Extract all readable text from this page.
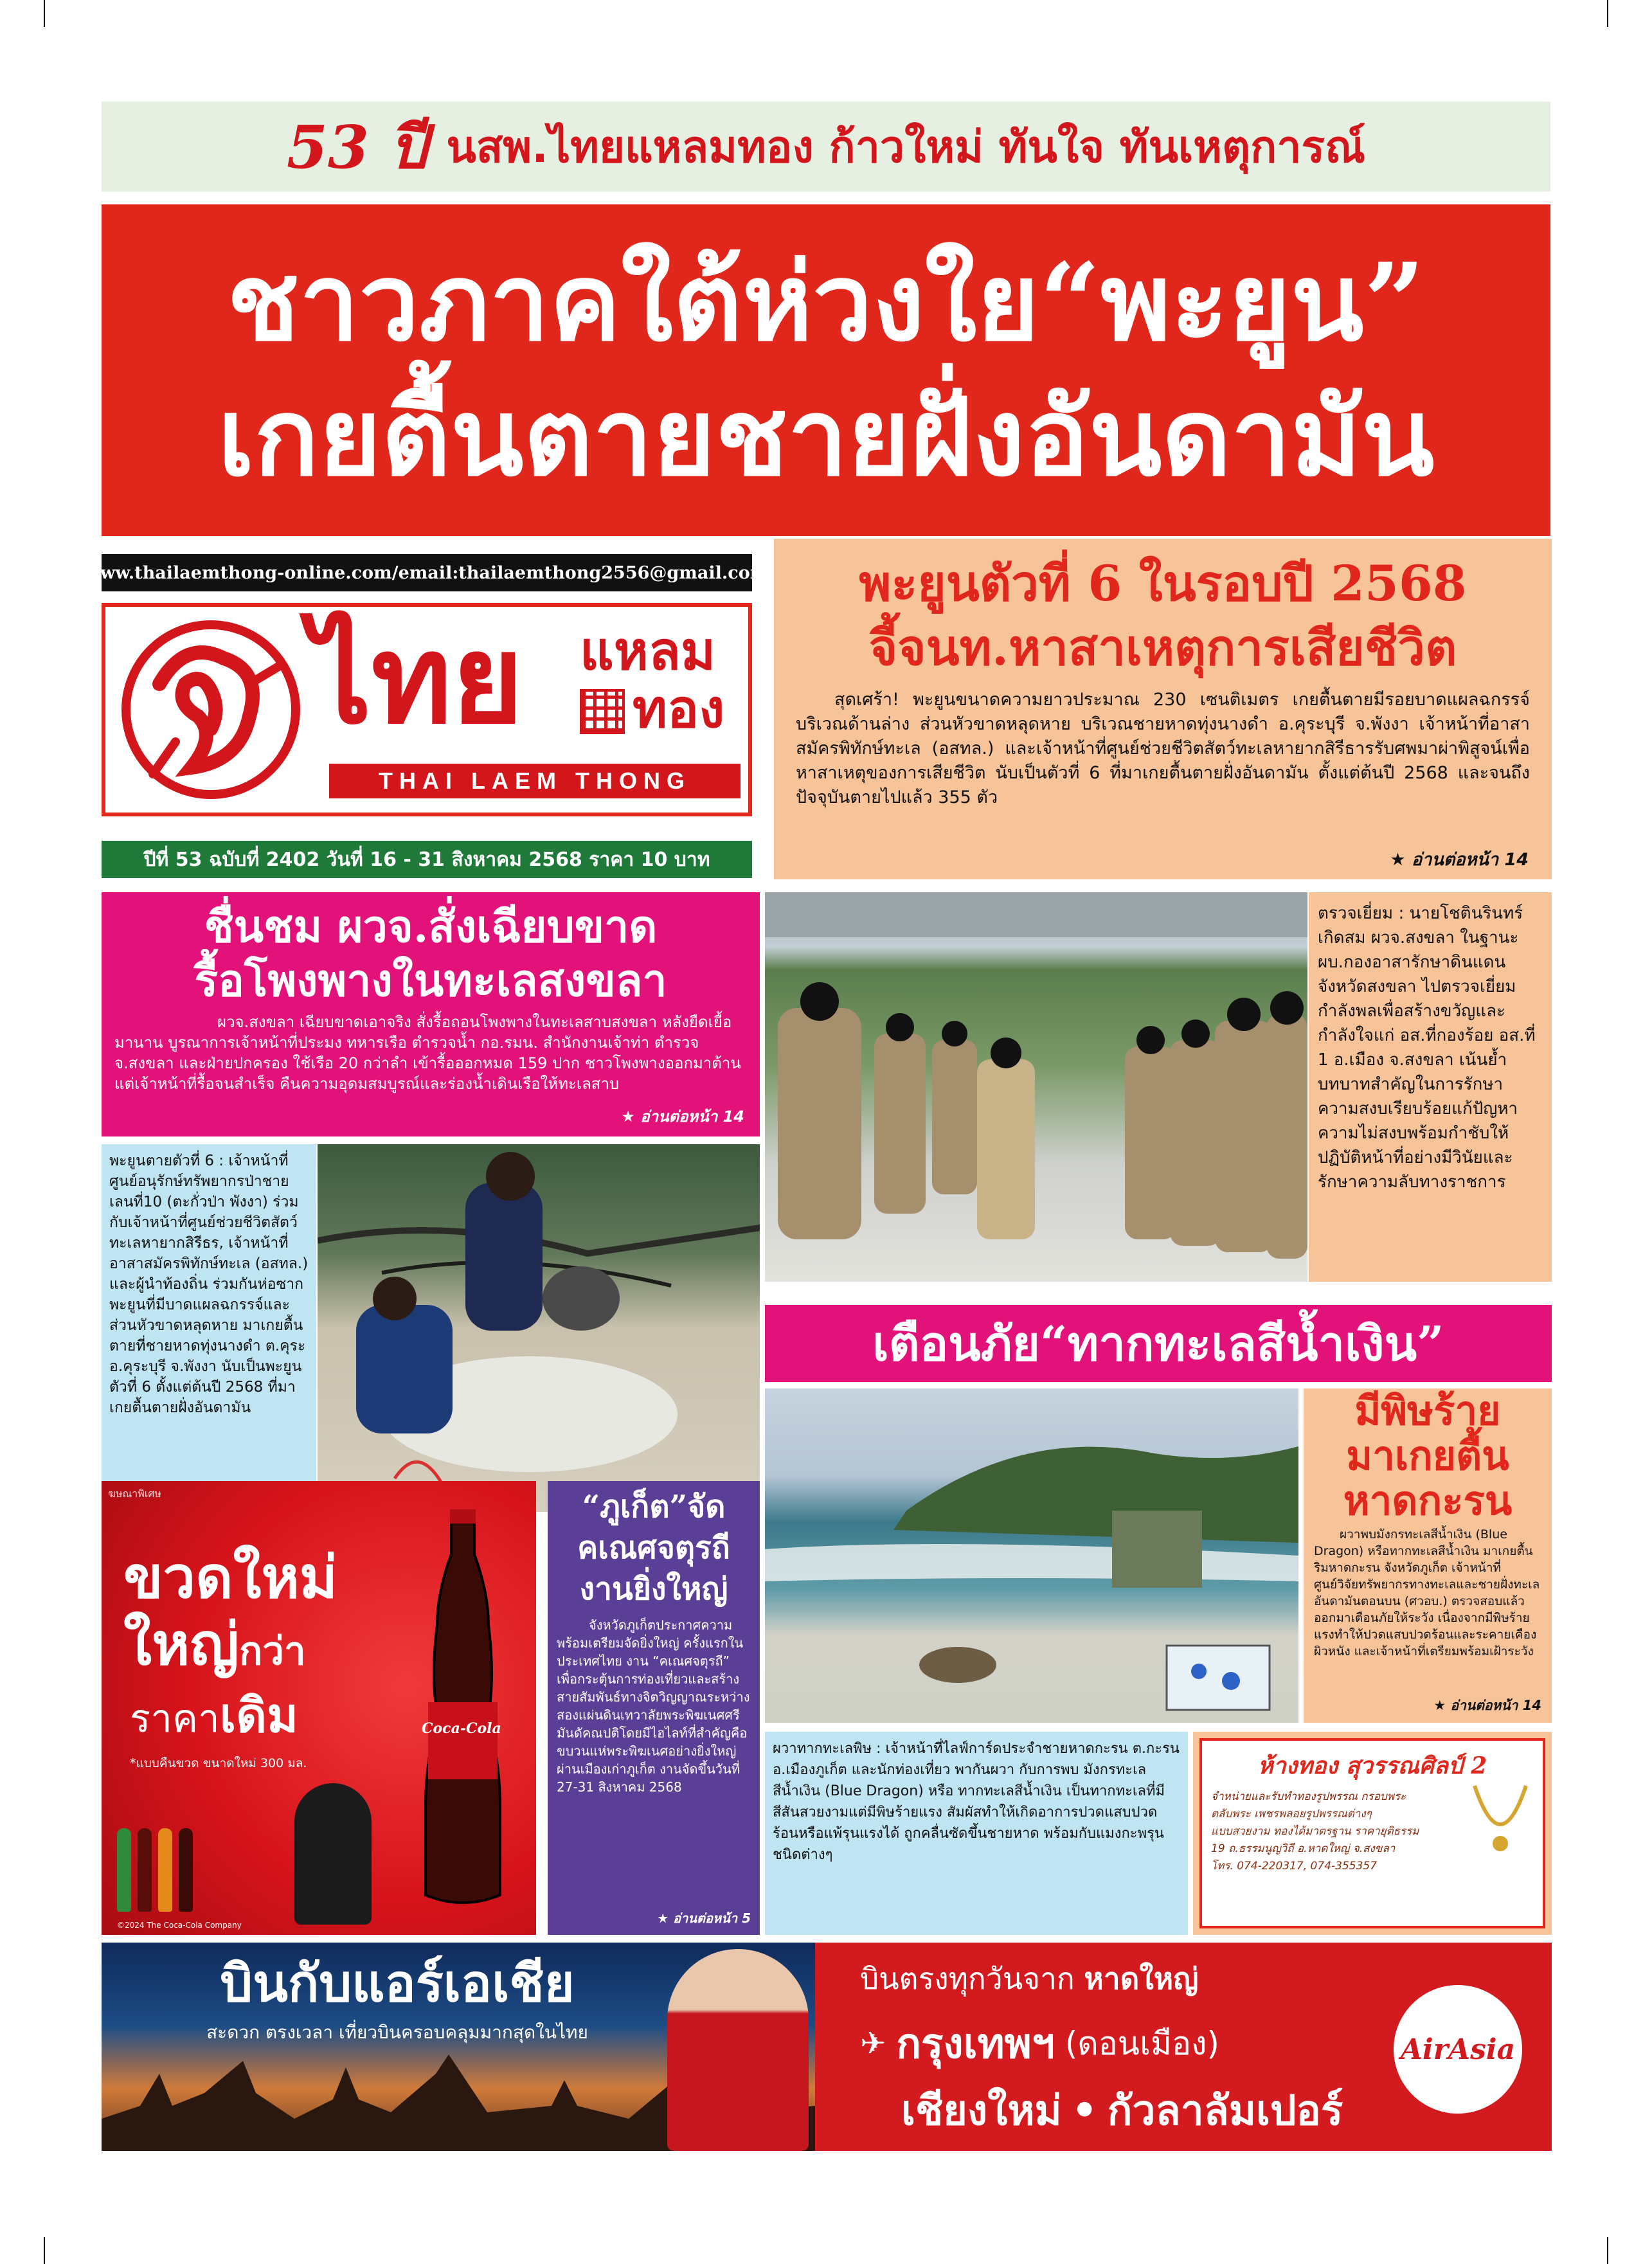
53 ปี นสพ.ไทยแหลมทอง ก้าวใหม่ ทันใจ ทันเหตุการณ์
ชาวภาคใต้ห่วงใย“พะยูน”
เกยตื้นตายชายฝั่งอันดามัน
www.thailaemthong-online.com/email:thailaemthong2556@gmail.com
ไทย แหลม
ทอง
THAI LAEM THONG
ปีที่ 53 ฉบับที่ 2402 วันที่ 16 - 31 สิงหาคม 2568 ราคา 10 บาท
พะยูนตัวที่ 6 ในรอบปี 2568
จี้จนท.หาสาเหตุการเสียชีวิต
สุดเศร้า! พะยูนขนาดความยาวประมาณ 230 เซนติเมตร เกยตื้นตายมีรอยบาดแผลฉกรรจ์บริเวณด้านล่าง ส่วนหัวขาดหลุดหาย บริเวณชายหาดทุ่งนางดำ อ.คุระบุรี จ.พังงา เจ้าหน้าที่อาสาสมัครพิทักษ์ทะเล (อสทล.) และเจ้าหน้าที่ศูนย์ช่วยชีวิตสัตว์ทะเลหายากสิรีธารรับศพมาผ่าพิสูจน์เพื่อหาสาเหตุของการเสียชีวิต นับเป็นตัวที่ 6 ที่มาเกยตื้นตายฝั่งอันดามัน ตั้งแต่ต้นปี 2568 และจนถึงปัจจุบันตายไปแล้ว 355 ตัว
★ อ่านต่อหน้า 14
ชื่นชม ผวจ.สั่งเฉียบขาด
รื้อโพงพางในทะเลสงขลา
ผวจ.สงขลา เฉียบขาดเอาจริง สั่งรื้อถอนโพงพางในทะเลสาบสงขลา หลังยืดเยื้อมานาน บูรณาการเจ้าหน้าที่ประมง ทหารเรือ ตำรวจน้ำ กอ.รมน. สำนักงานเจ้าท่า ตำรวจ จ.สงขลา และฝ่ายปกครอง ใช้เรือ 20 กว่าลำ เข้ารื้อออกหมด 159 ปาก ชาวโพงพางออกมาต้าน แต่เจ้าหน้าที่รื้อจนสำเร็จ คืนความอุดมสมบูรณ์และร่องน้ำเดินเรือให้ทะเลสาบ
★ อ่านต่อหน้า 14
พะยูนตายตัวที่ 6 : เจ้าหน้าที่ศูนย์อนุรักษ์ทรัพยากรป่าชายเลนที่10 (ตะกั่วป่า พังงา) ร่วมกับเจ้าหน้าที่ศูนย์ช่วยชีวิตสัตว์ทะเลหายากสิรีธร, เจ้าหน้าที่อาสาสมัครพิทักษ์ทะเล (อสทล.) และผู้นำท้องถิ่น ร่วมกันห่อซากพะยูนที่มีบาดแผลฉกรรจ์และส่วนหัวขาดหลุดหาย มาเกยตื้นตายที่ชายหาดทุ่งนางดำ ต.คุระ อ.คุระบุรี จ.พังงา นับเป็นพะยูนตัวที่ 6 ตั้งแต่ต้นปี 2568 ที่มาเกยตื้นตายฝั่งอันดามัน
ตรวจเยี่ยม : นายโชตินรินทร์ เกิดสม ผวจ.สงขลา ในฐานะ ผบ.กองอาสารักษาดินแดน จังหวัดสงขลา ไปตรวจเยี่ยมกำลังพลเพื่อสร้างขวัญและกำลังใจแก่ อส.ที่กองร้อย อส.ที่ 1 อ.เมือง จ.สงขลา เน้นย้ำบทบาทสำคัญในการรักษาความสงบเรียบร้อยแก้ปัญหาความไม่สงบพร้อมกำชับให้ปฏิบัติหน้าที่อย่างมีวินัยและรักษาความลับทางราชการ
เตือนภัย“ทากทะเลสีน้ำเงิน”
มีพิษร้าย
มาเกยตื้น
หาดกะรน
ผวาพบมังกรทะเลสีน้ำเงิน (Blue Dragon) หรือทากทะเลสีน้ำเงิน มาเกยตื้นริมหาดกะรน จังหวัดภูเก็ต เจ้าหน้าที่ศูนย์วิจัยทรัพยากรทางทะเลและชายฝั่งทะเลอันดามันตอนบน (ศวอบ.) ตรวจสอบแล้วออกมาเตือนภัยให้ระวัง เนื่องจากมีพิษร้ายแรงทำให้ปวดแสบปวดร้อนและระคายเคืองผิวหนัง และเจ้าหน้าที่เตรียมพร้อมเฝ้าระวัง
★ อ่านต่อหน้า 14
ฆษณาพิเศษ
ขวดใหม่
ใหญ่กว่า
ราคาเดิม
*แบบคืนขวด ขนาดใหม่ 300 มล.
Coca-Cola
©2024 The Coca-Cola Company
“ภูเก็ต”จัด
คเณศจตุรถี
งานยิ่งใหญ่
จังหวัดภูเก็ตประกาศความพร้อมเตรียมจัดยิ่งใหญ่ ครั้งแรกในประเทศไทย งาน “คเณศจตุรถี” เพื่อกระตุ้นการท่องเที่ยวและสร้างสายสัมพันธ์ทางจิตวิญญาณระหว่างสองแผ่นดินเทวาลัยพระพิฆเนศศรีมันดัคณปติโดยมีไฮไลท์ที่สำคัญคือขบวนแห่พระพิฆเนศอย่างยิ่งใหญ่ผ่านเมืองเก่าภูเก็ต งานจัดขึ้นวันที่ 27-31 สิงหาคม 2568
★ อ่านต่อหน้า 5
ผวาทากทะเลพิษ : เจ้าหน้าที่ไลฟ์การ์ดประจำชายหาดกะรน ต.กะรน อ.เมืองภูเก็ต และนักท่องเที่ยว พากันผวา กับการพบ มังกรทะเลสีน้ำเงิน (Blue Dragon) หรือ ทากทะเลสีน้ำเงิน เป็นทากทะเลที่มีสีสันสวยงามแต่มีพิษร้ายแรง สัมผัสทำให้เกิดอาการปวดแสบปวดร้อนหรือแพ้รุนแรงได้ ถูกคลื่นซัดขึ้นชายหาด พร้อมกับแมงกะพรุนชนิดต่างๆ
ห้างทอง สุวรรณศิลป์ 2
จำหน่ายและรับทำทองรูปพรรณ กรอบพระ
ตลับพระ เพชรพลอยรูปพรรณต่างๆ
แบบสวยงาม ทองได้มาตรฐาน ราคายุติธรรม
19 ถ.ธรรมนูญวิถี อ.หาดใหญ่ จ.สงขลา
โทร. 074-220317, 074-355357
บินกับแอร์เอเชีย
สะดวก ตรงเวลา เที่ยวบินครอบคลุมมากสุดในไทย
บินตรงทุกวันจาก หาดใหญ่
✈ กรุงเทพฯ (ดอนเมือง)
เชียงใหม่ • กัวลาลัมเปอร์
AirAsia
